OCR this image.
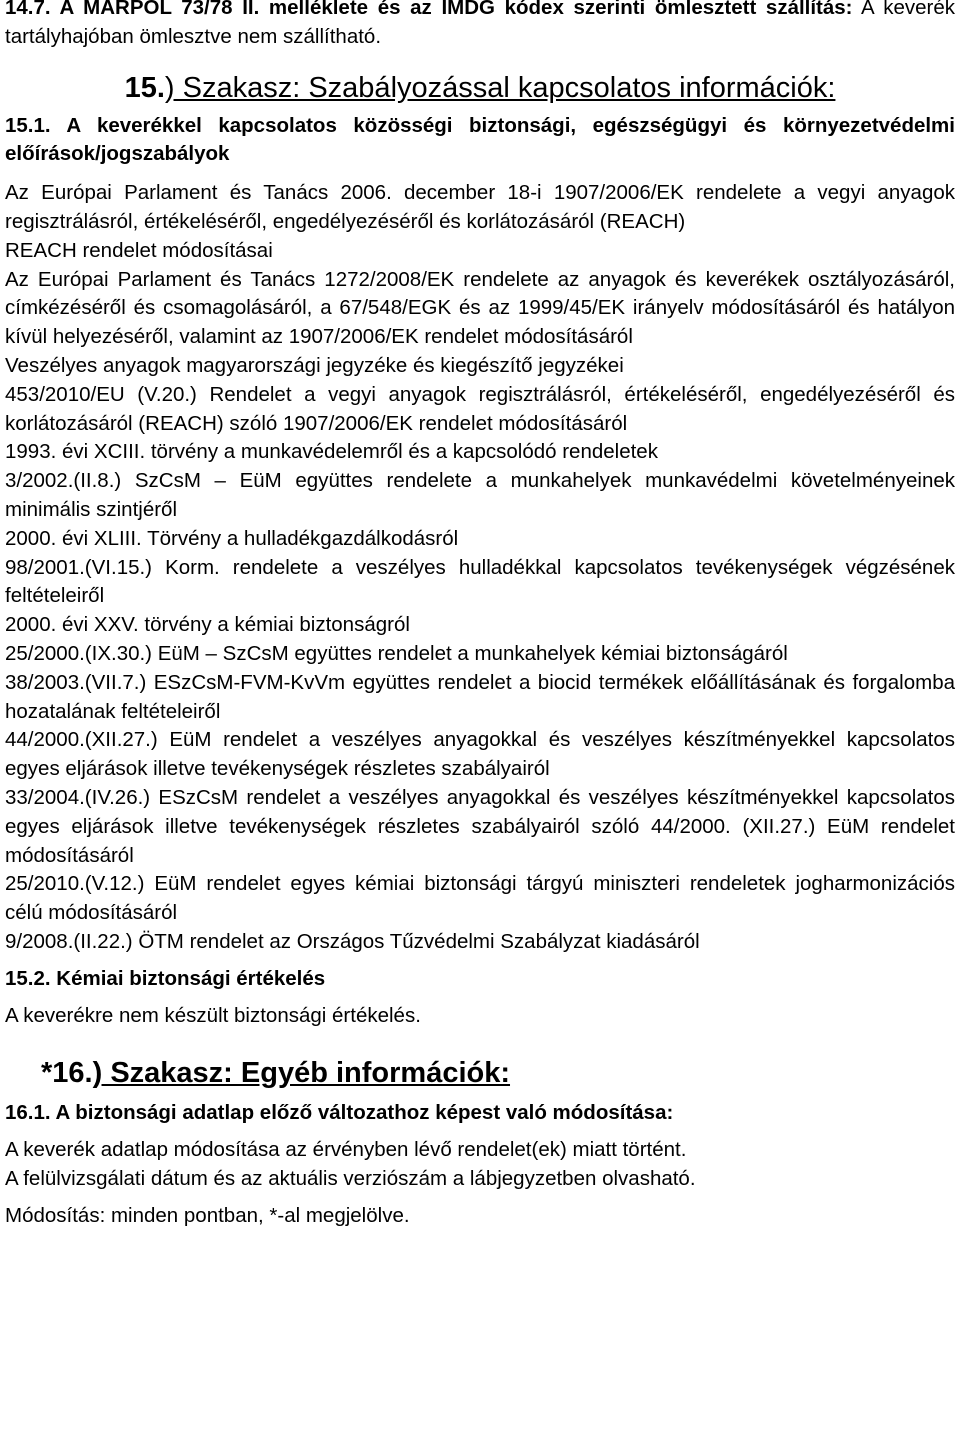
14.7. A MARPOL 73/78 II. melléklete és az IMDG kódex szerinti ömlesztett szállítás: A keverék tartályhajóban ömlesztve nem szállítható.

15.) Szakasz: Szabályozással kapcsolatos információk:

15.1. A keverékkel kapcsolatos közösségi biztonsági, egészségügyi és környezetvédelmi előírások/jogszabályok

Az Európai Parlament és Tanács 2006. december 18-i 1907/2006/EK rendelete a vegyi anyagok regisztrálásról, értékeléséről, engedélyezéséről és korlátozásáról (REACH)

REACH rendelet módosításai

Az Európai Parlament és Tanács 1272/2008/EK rendelete az anyagok és keverékek osztályozásáról, címkézéséről és csomagolásáról, a 67/548/EGK és az 1999/45/EK irányelv módosításáról és hatályon kívül helyezéséről, valamint az 1907/2006/EK rendelet módosításáról

Veszélyes anyagok magyarországi jegyzéke és kiegészítő jegyzékei

453/2010/EU (V.20.) Rendelet a vegyi anyagok regisztrálásról, értékeléséről, engedélyezéséről és korlátozásáról (REACH) szóló 1907/2006/EK rendelet módosításáról

1993. évi XCIII. törvény a munkavédelemről és a kapcsolódó rendeletek

3/2002.(II.8.) SzCsM – EüM együttes rendelete a munkahelyek munkavédelmi követelményeinek minimális szintjéről

2000. évi XLIII. Törvény a hulladékgazdálkodásról

98/2001.(VI.15.) Korm. rendelete a veszélyes hulladékkal kapcsolatos tevékenységek végzésének feltételeiről

2000. évi XXV. törvény a kémiai biztonságról

25/2000.(IX.30.) EüM – SzCsM együttes rendelet a munkahelyek kémiai biztonságáról

38/2003.(VII.7.) ESzCsM-FVM-KvVm együttes rendelet a biocid termékek előállításának és forgalomba hozatalának feltételeiről

44/2000.(XII.27.) EüM rendelet a veszélyes anyagokkal és veszélyes készítményekkel kapcsolatos egyes eljárások illetve tevékenységek részletes szabályairól

33/2004.(IV.26.) ESzCsM rendelet a veszélyes anyagokkal és veszélyes készítményekkel kapcsolatos egyes eljárások illetve tevékenységek részletes szabályairól szóló 44/2000. (XII.27.) EüM rendelet módosításáról

25/2010.(V.12.) EüM rendelet egyes kémiai biztonsági tárgyú miniszteri rendeletek jogharmonizációs célú módosításáról

9/2008.(II.22.) ÖTM rendelet az Országos Tűzvédelmi Szabályzat kiadásáról

15.2. Kémiai biztonsági értékelés

A keverékre nem készült biztonsági értékelés.

*16.) Szakasz: Egyéb információk:

16.1. A biztonsági adatlap előző változathoz képest való módosítása:

A keverék adatlap módosítása az érvényben lévő rendelet(ek) miatt történt.

A felülvizsgálati dátum és az aktuális verziószám a lábjegyzetben olvasható.

Módosítás: minden pontban, *-al megjelölve.
